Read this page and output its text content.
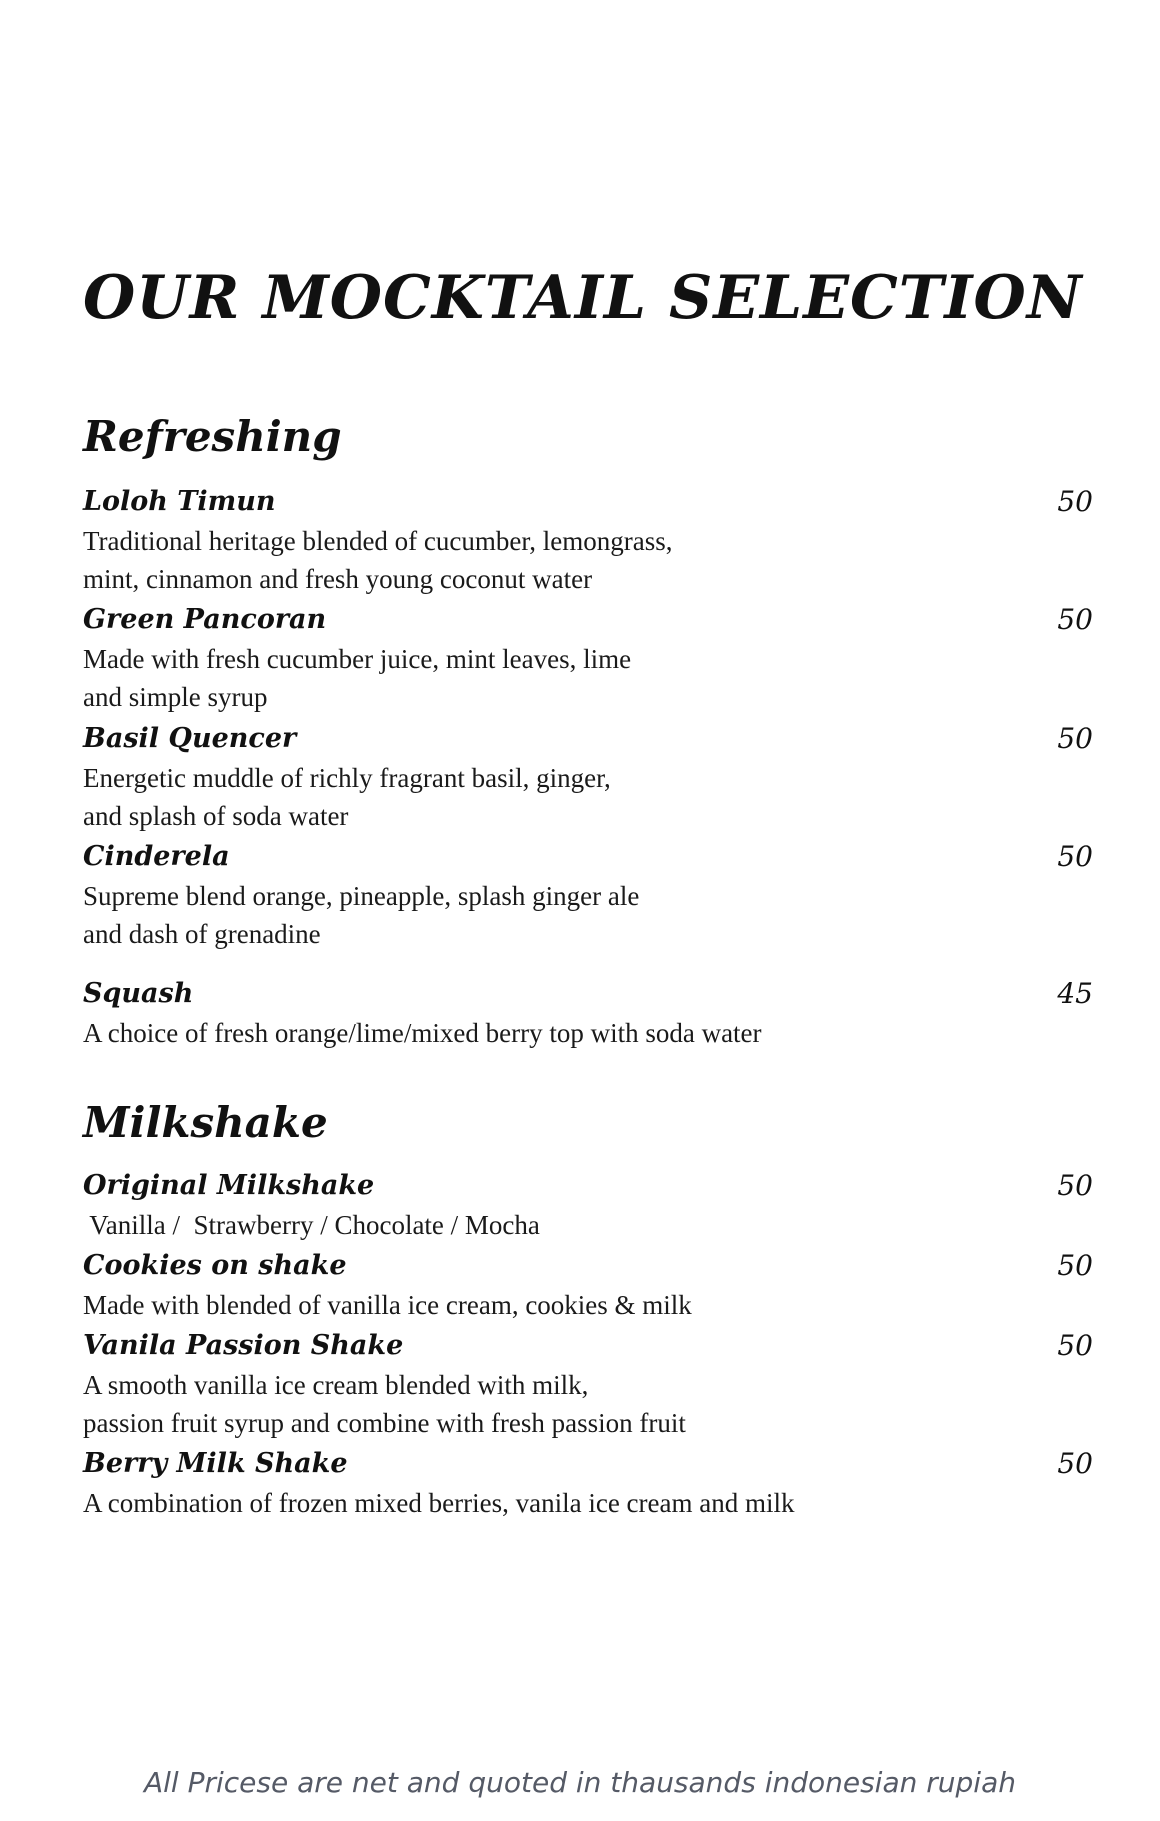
OUR MOCKTAIL SELECTION
Refreshing
Loloh Timun	50
Traditional heritage blended of cucumber, lemongrass,
mint, cinnamon and fresh young coconut water
Green Pancoran	50
Made with fresh cucumber juice, mint leaves, lime
and simple syrup
Basil Quencer	50
Energetic muddle of richly fragrant basil, ginger,
and splash of soda water
Cinderela	50
Supreme blend orange, pineapple, splash ginger ale
and dash of grenadine
Squash	45
A choice of fresh orange/lime/mixed berry top with soda water
Milkshake
Original Milkshake	50
Vanilla /  Strawberry / Chocolate / Mocha
Cookies on shake	50
Made with blended of vanilla ice cream, cookies & milk
Vanila Passion Shake	50
A smooth vanilla ice cream blended with milk,
passion fruit syrup and combine with fresh passion fruit
Berry Milk Shake	50
A combination of frozen mixed berries, vanila ice cream and milk
All Pricese are net and quoted in thausands indonesian rupiah
